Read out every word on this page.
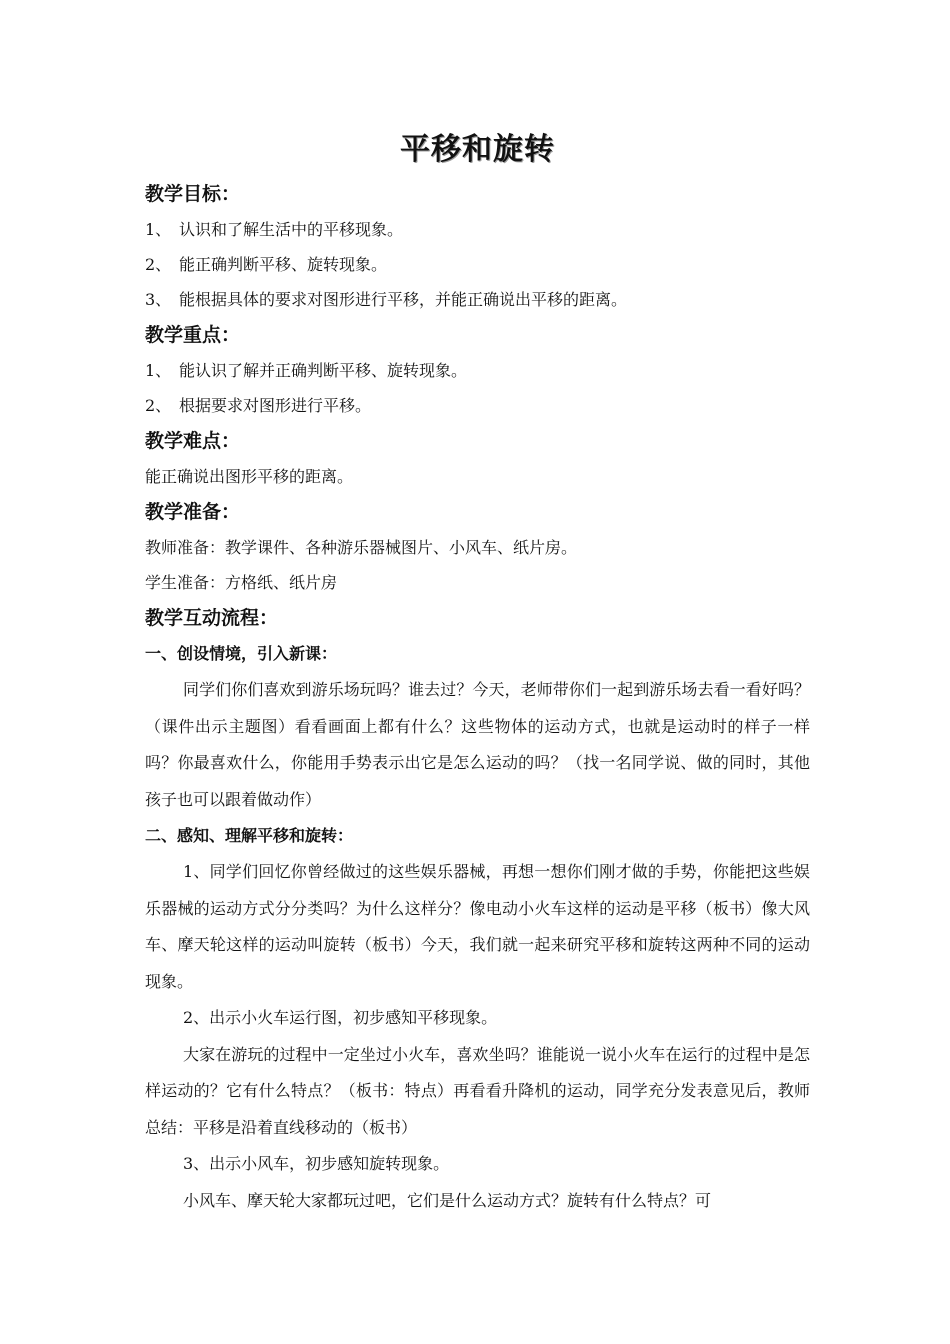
平移和旋转

教学目标：

1、 认识和了解生活中的平移现象。

2、 能正确判断平移、旋转现象。

3、 能根据具体的要求对图形进行平移，并能正确说出平移的距离。

教学重点：

1、 能认识了解并正确判断平移、旋转现象。

2、 根据要求对图形进行平移。

教学难点：

能正确说出图形平移的距离。

教学准备：

教师准备：教学课件、各种游乐器械图片、小风车、纸片房。

学生准备：方格纸、纸片房

教学互动流程：

一、创设情境，引入新课：

同学们你们喜欢到游乐场玩吗？谁去过？今天，老师带你们一起到游乐场去看一看好吗？（课件出示主题图）看看画面上都有什么？这些物体的运动方式，也就是运动时的样子一样吗？你最喜欢什么，你能用手势表示出它是怎么运动的吗？（找一名同学说、做的同时，其他孩子也可以跟着做动作）

二、感知、理解平移和旋转：

1、同学们回忆你曾经做过的这些娱乐器械，再想一想你们刚才做的手势，你能把这些娱乐器械的运动方式分分类吗？为什么这样分？像电动小火车这样的运动是平移（板书）像大风车、摩天轮这样的运动叫旋转（板书）今天，我们就一起来研究平移和旋转这两种不同的运动现象。

2、出示小火车运行图，初步感知平移现象。

大家在游玩的过程中一定坐过小火车，喜欢坐吗？谁能说一说小火车在运行的过程中是怎样运动的？它有什么特点？（板书：特点）再看看升降机的运动，同学充分发表意见后，教师总结：平移是沿着直线移动的（板书）

3、出示小风车，初步感知旋转现象。

小风车、摩天轮大家都玩过吧，它们是什么运动方式？旋转有什么特点？可
